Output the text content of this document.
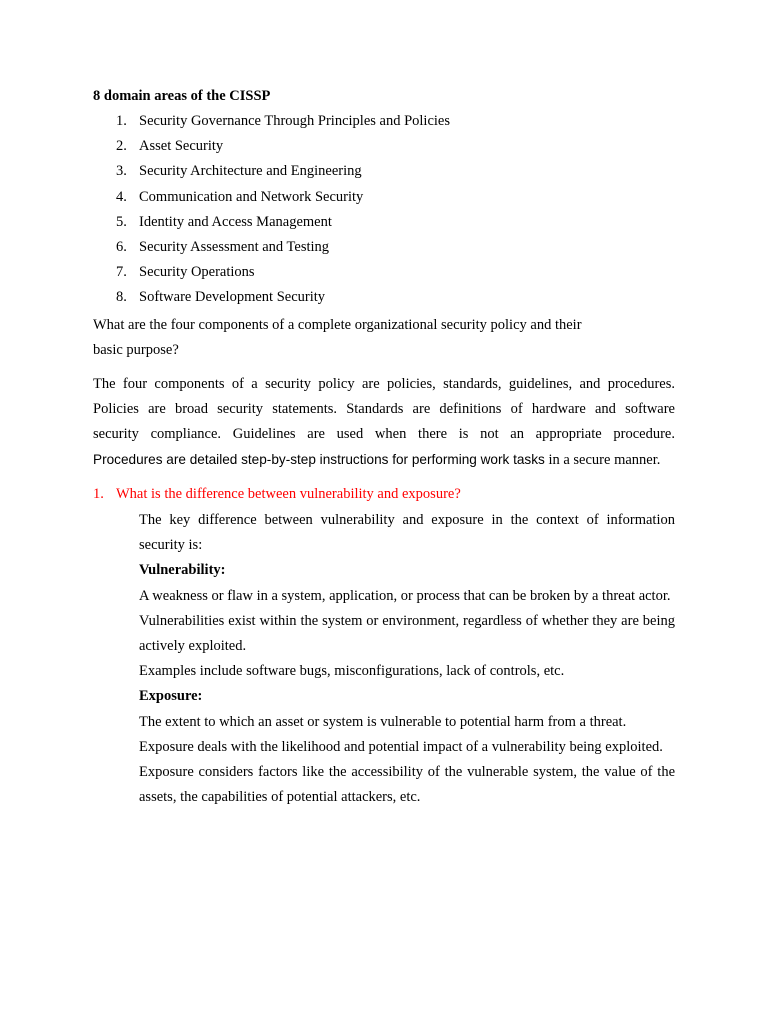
8 domain areas of the CISSP
1. Security Governance Through Principles and Policies
2. Asset Security
3. Security Architecture and Engineering
4. Communication and Network Security
5. Identity and Access Management
6. Security Assessment and Testing
7. Security Operations
8. Software Development Security
What are the four components of a complete organizational security policy and their
basic purpose?
The four components of a security policy are policies, standards, guidelines, and procedures.
Policies are broad security statements. Standards are definitions of hardware and software
security compliance. Guidelines are used when there is not an appropriate procedure.
Procedures are detailed step-by-step instructions for performing work tasks in a secure manner.
1. What is the difference between vulnerability and exposure?

The key difference between vulnerability and exposure in the context of information

security is:

Vulnerability:

A weakness or flaw in a system, application, or process that can be broken by a threat actor.

Vulnerabilities exist within the system or environment, regardless of whether they are being actively exploited.

Examples include software bugs, misconfigurations, lack of controls, etc.

Exposure:

The extent to which an asset or system is vulnerable to potential harm from a threat.

Exposure deals with the likelihood and potential impact of a vulnerability being exploited.

Exposure considers factors like the accessibility of the vulnerable system, the value of the assets, the capabilities of potential attackers, etc.
